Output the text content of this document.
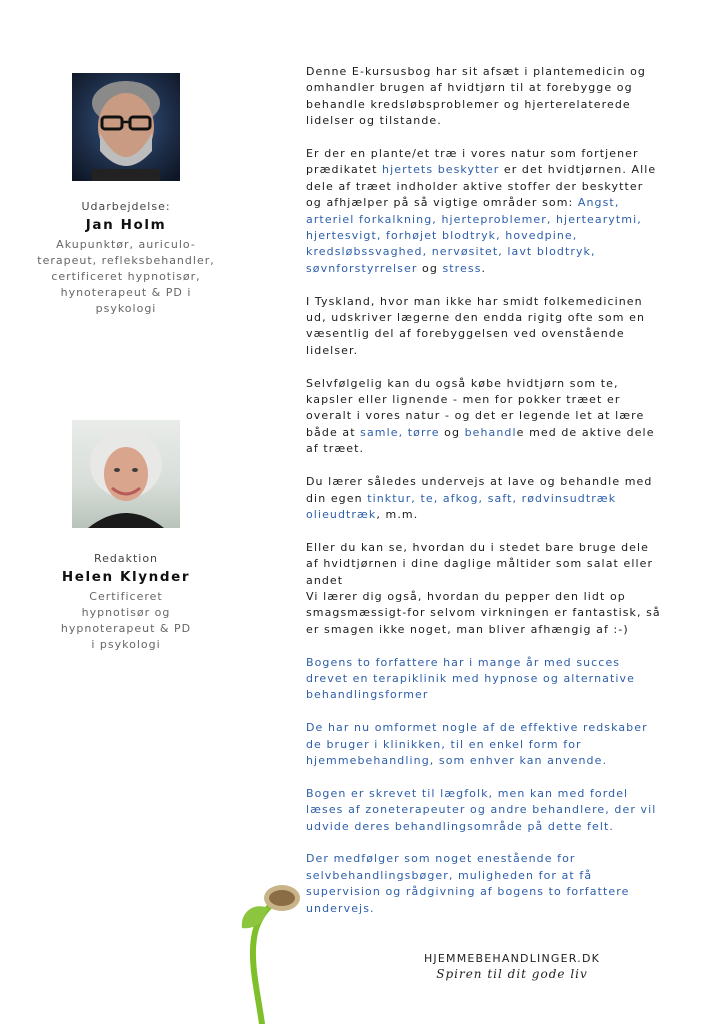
Udarbejdelse:
Jan Holm
Akupunktør, auriculo-
terapeut, refleksbehandler,
certificeret hypnotisør,
hynoterapeut & PD i
psykologi
Redaktion
Helen Klynder
Certificeret
hypnotisør og
hypnoterapeut & PD
i psykologi

Denne E-kursusbog har sit afsæt i plantemedicin og omhandler brugen af hvidtjørn til at forebygge og behandle kredsløbsproblemer og hjerterelaterede lidelser og tilstande.

Er der en plante/et træ i vores natur som fortjener prædikatet hjertets beskytter er det hvidtjørnen. Alle dele af træet indholder aktive stoffer der beskytter og afhjælper på så vigtige områder som: Angst, arteriel forkalkning, hjerteproblemer, hjertearytmi, hjertesvigt, forhøjet blodtryk, hovedpine, kredsløbssvaghed, nervøsitet, lavt blodtryk, søvnforstyrrelser og stress.

I Tyskland, hvor man ikke har smidt folkemedicinen ud, udskriver lægerne den endda rigitg ofte som en væsentlig del af forebyggelsen ved ovenstående lidelser.

Selvfølgelig kan du også købe hvidtjørn som te, kapsler eller lignende - men for pokker træet er overalt i vores natur - og det er legende let at lære både at samle, tørre og behandle med de aktive dele af træet.

Du lærer således undervejs at lave og behandle med din egen tinktur, te, afkog, saft, rødvinsudtræk olieudtræk, m.m.

Eller du kan se, hvordan du i stedet bare bruge dele af hvidtjørnen i dine daglige måltider som salat eller andet
Vi lærer dig også, hvordan du pepper den lidt op smagsmæssigt-for selvom virkningen er fantastisk, så er smagen ikke noget, man bliver afhængig af :-)

Bogens to forfattere har i mange år med succes drevet en terapiklinik med hypnose og alternative behandlingsformer

De har nu omformet nogle af de effektive redskaber de bruger i klinikken, til en enkel form for hjemmebehandling, som enhver kan anvende.

Bogen er skrevet til lægfolk, men kan med fordel læses af zoneterapeuter og andre behandlere, der vil udvide deres behandlingsområde på dette felt.

Der medfølger som noget enestående for selvbehandlingsbøger, muligheden for at få supervision og rådgivning af bogens to forfattere undervejs.

HJEMMEBEHANDLINGER.DK
Spiren til dit gode liv
